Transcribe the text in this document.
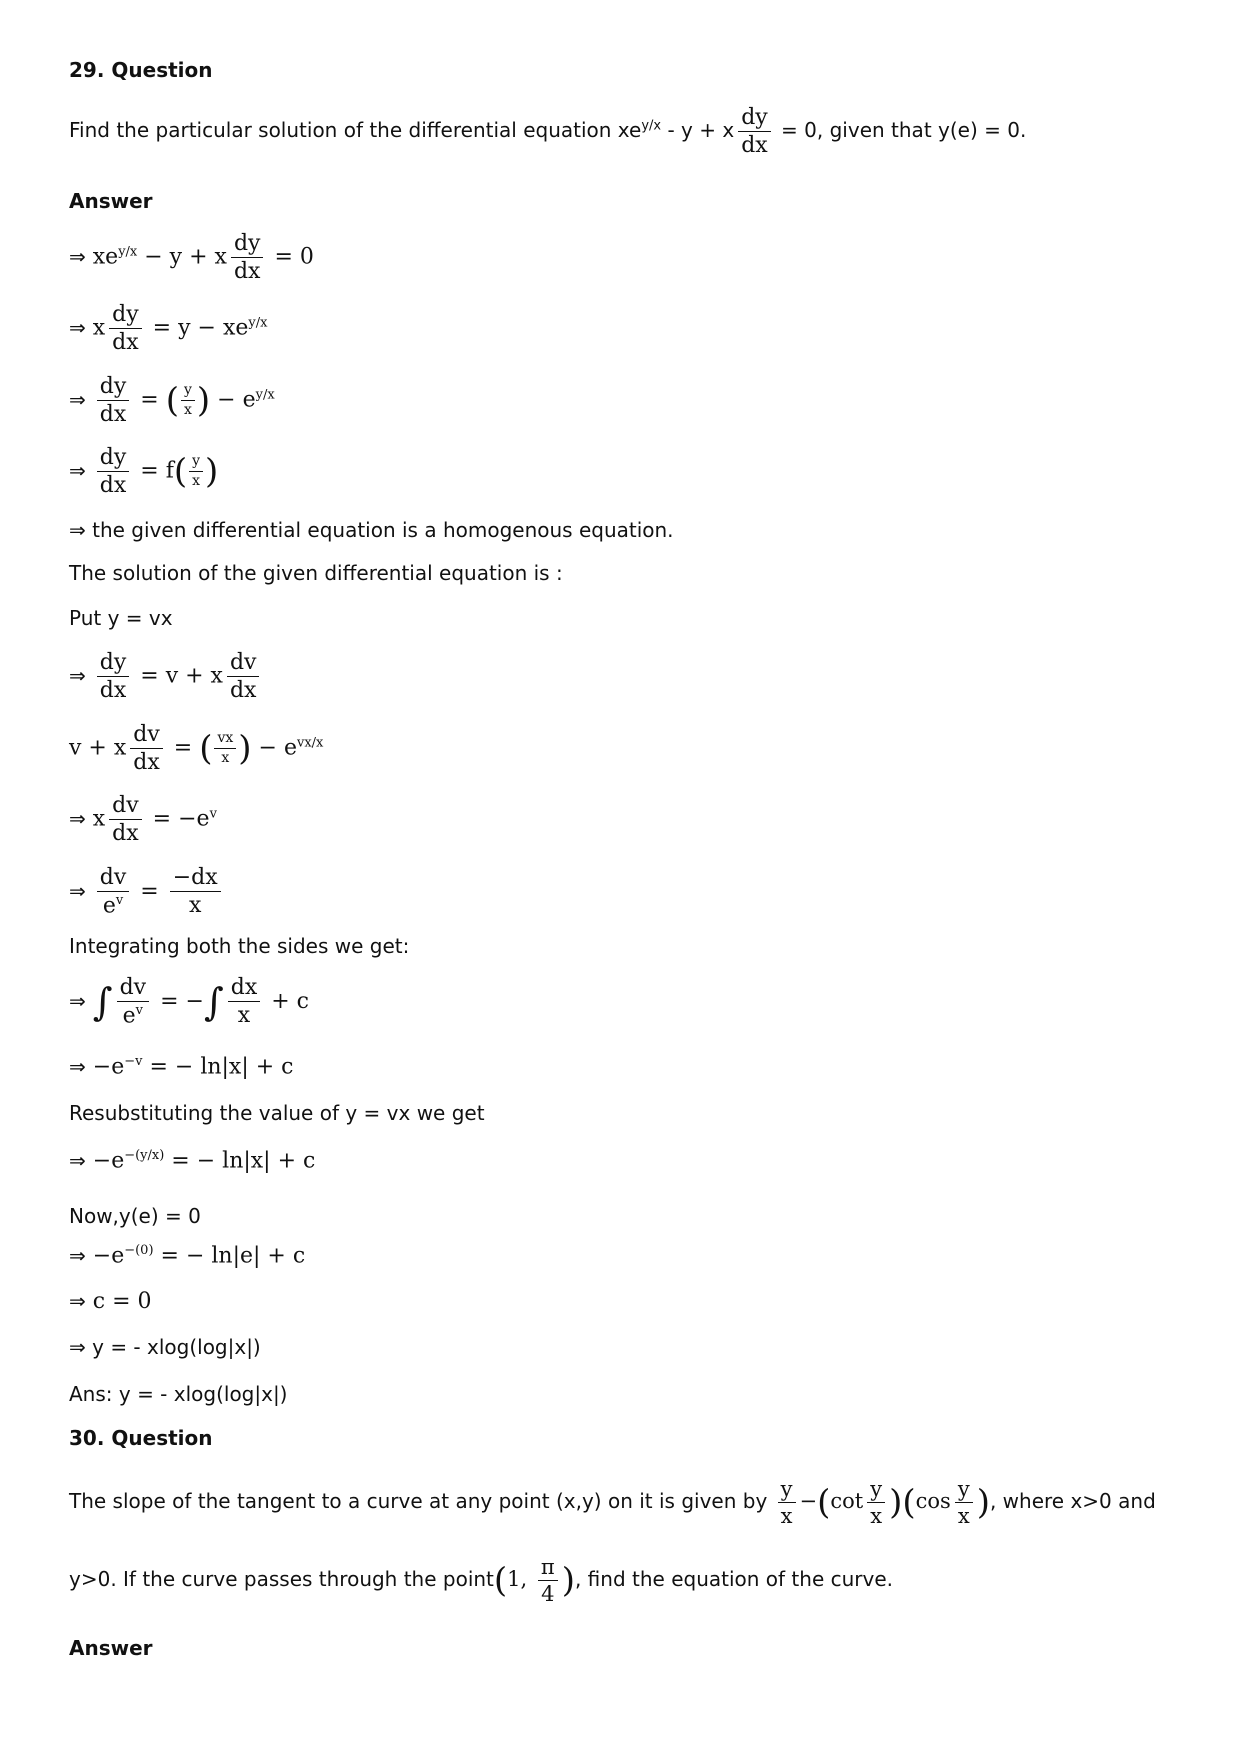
29. Question
Find the particular solution of the differential equation $xe^{y/x} - y + x \frac{dy}{dx} = 0$, given that y(e) = 0.
Answer
⇒ $xe^{y/x} - y + x \frac{dy}{dx} = 0$
⇒ x $\frac{dy}{dx} = y - xe^{y/x}$
⇒ $\frac{dy}{dx}$ = ( $\frac{y}{x}$ ) − $e^{y/x}$
⇒ $\frac{dy}{dx} = f( \frac{y}{x}$ )
⇒ the given differential equation is a homogenous equation.
The solution of the given differential equation is :
Put y = vx
⇒ $\frac{dy}{dx} = v + x \frac{dv}{dx}$
v + x $\frac{dv}{dx}$ = ( $\frac{vx}{x}$ ) − $e^{vx/x}$
⇒ x $\frac{dv}{dx} = -e^v$
⇒ $\frac{dv}{e^v} = \frac{-dx}{x}$
Integrating both the sides we get:
⇒ ∫ $\frac{dv}{e^v}$ = −∫ $\frac{dx}{x} + c$
⇒ $-e^{-v}$ = − ln|x| + c
Resubstituting the value of y = vx we get
⇒ $-e^{-(y/x)}$ = − ln|x| + c
Now,y(e) = 0
⇒ $-e^{-(0)}$ = − ln|e| + c
⇒ c = 0
⇒ y = - xlog(log|x|)
Ans: y = - xlog(log|x|)
30. Question
The slope of the tangent to a curve at any point (x,y) on it is given by $\frac{y}{x} -(\cot \frac{y}{x} )(\cos \frac{y}{x}$ ), where x>0 and
y>0. If the curve passes through the point(1, $\frac{\pi}{4}$ ), find the equation of the curve.
Answer
